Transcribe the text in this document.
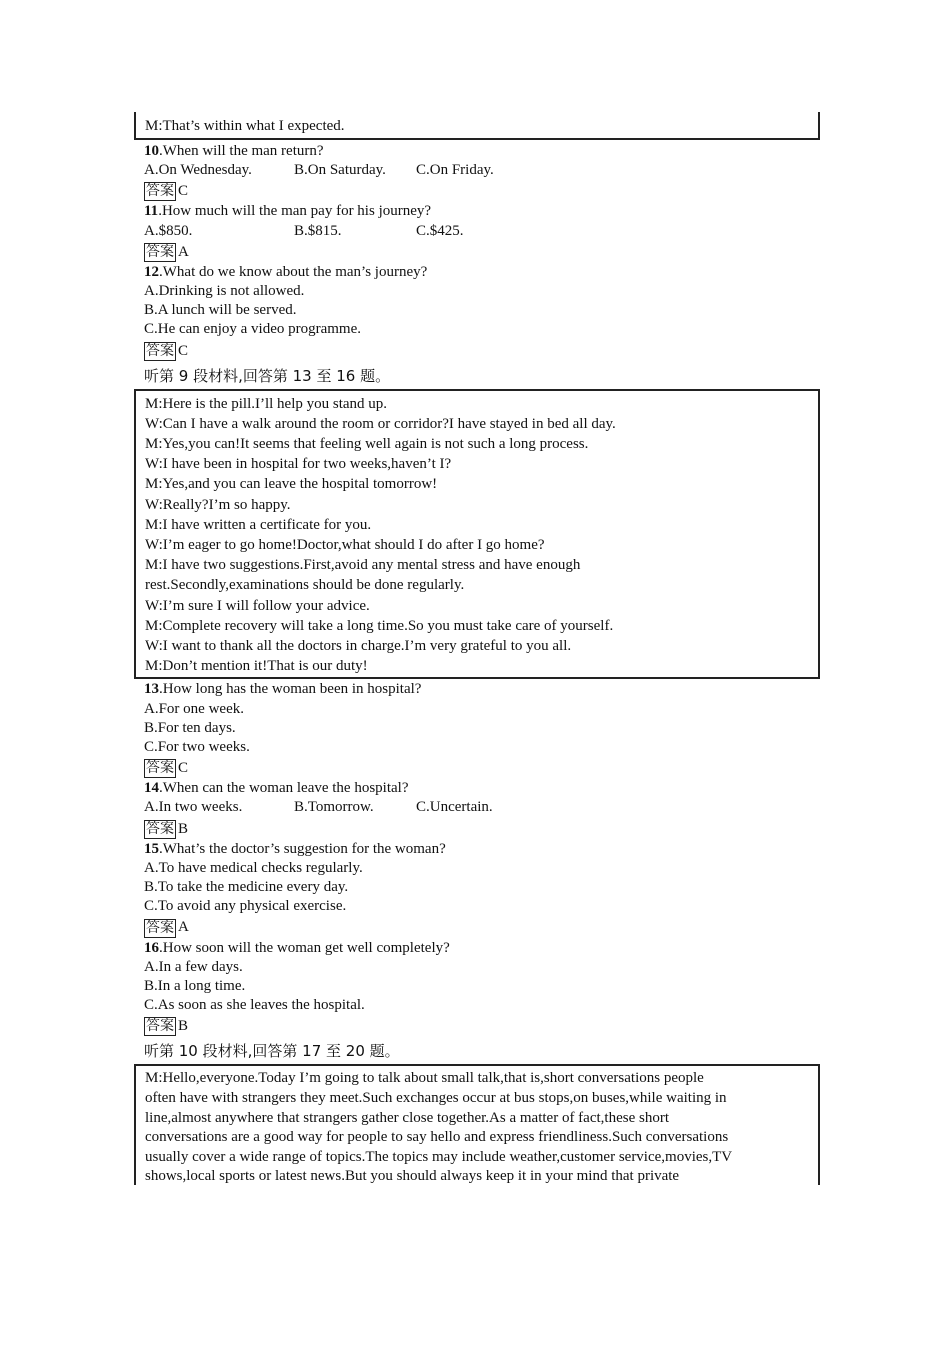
M:That’s within what I expected.
10.When will the man return?
A.On Wednesday.	B.On Saturday.	C.On Friday.
答案 C
11.How much will the man pay for his journey?
A.$850.	B.$815.	C.$425.
答案 A
12.What do we know about the man’s journey?
A.Drinking is not allowed.
B.A lunch will be served.
C.He can enjoy a video programme.
答案 C
听第 9 段材料,回答第 13 至 16 题。
M:Here is the pill.I’ll help you stand up.
W:Can I have a walk around the room or corridor?I have stayed in bed all day.
M:Yes,you can!It seems that feeling well again is not such a long process.
W:I have been in hospital for two weeks,haven’t I?
M:Yes,and you can leave the hospital tomorrow!
W:Really?I’m so happy.
M:I have written a certificate for you.
W:I’m eager to go home!Doctor,what should I do after I go home?
M:I have two suggestions.First,avoid any mental stress and have enough
rest.Secondly,examinations should be done regularly.
W:I’m sure I will follow your advice.
M:Complete recovery will take a long time.So you must take care of yourself.
W:I want to thank all the doctors in charge.I’m very grateful to you all.
M:Don’t mention it!That is our duty!
13.How long has the woman been in hospital?
A.For one week.
B.For ten days.
C.For two weeks.
答案 C
14.When can the woman leave the hospital?
A.In two weeks.	B.Tomorrow.	C.Uncertain.
答案 B
15.What’s the doctor’s suggestion for the woman?
A.To have medical checks regularly.
B.To take the medicine every day.
C.To avoid any physical exercise.
答案 A
16.How soon will the woman get well completely?
A.In a few days.
B.In a long time.
C.As soon as she leaves the hospital.
答案 B
听第 10 段材料,回答第 17 至 20 题。
M:Hello,everyone.Today I’m going to talk about small talk,that is,short conversations people
often have with strangers they meet.Such exchanges occur at bus stops,on buses,while waiting in
line,almost anywhere that strangers gather close together.As a matter of fact,these short
conversations are a good way for people to say hello and express friendliness.Such conversations
usually cover a wide range of topics.The topics may include weather,customer service,movies,TV
shows,local sports or latest news.But you should always keep it in your mind that private
